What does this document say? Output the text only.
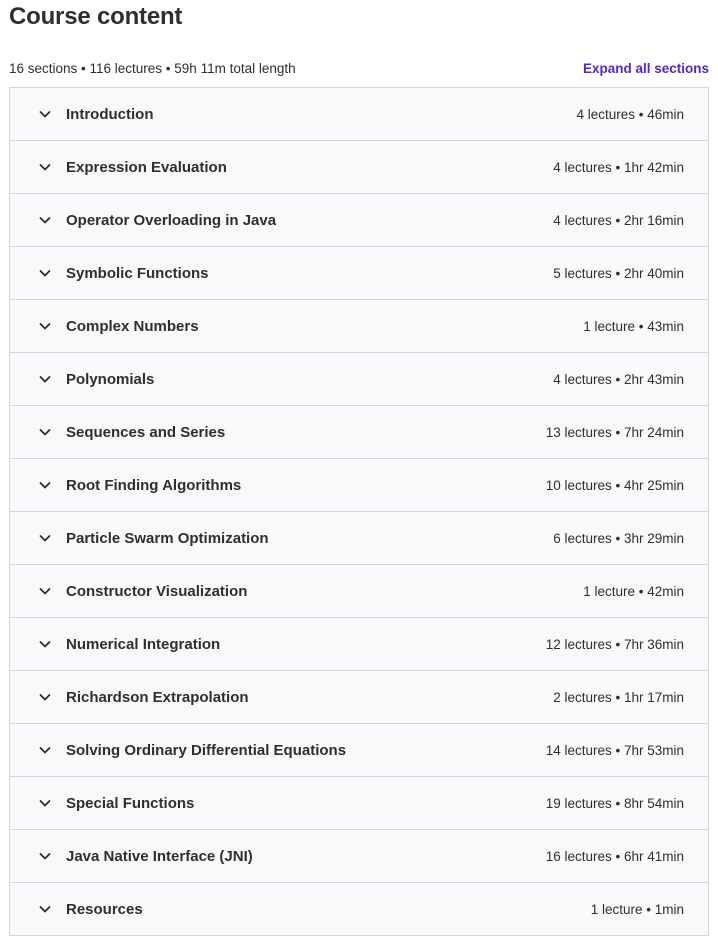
Course content
16 sections • 116 lectures • 59h 11m total length	Expand all sections
Introduction	4 lectures • 46min
Expression Evaluation	4 lectures • 1hr 42min
Operator Overloading in Java	4 lectures • 2hr 16min
Symbolic Functions	5 lectures • 2hr 40min
Complex Numbers	1 lecture • 43min
Polynomials	4 lectures • 2hr 43min
Sequences and Series	13 lectures • 7hr 24min
Root Finding Algorithms	10 lectures • 4hr 25min
Particle Swarm Optimization	6 lectures • 3hr 29min
Constructor Visualization	1 lecture • 42min
Numerical Integration	12 lectures • 7hr 36min
Richardson Extrapolation	2 lectures • 1hr 17min
Solving Ordinary Differential Equations	14 lectures • 7hr 53min
Special Functions	19 lectures • 8hr 54min
Java Native Interface (JNI)	16 lectures • 6hr 41min
Resources	1 lecture • 1min
